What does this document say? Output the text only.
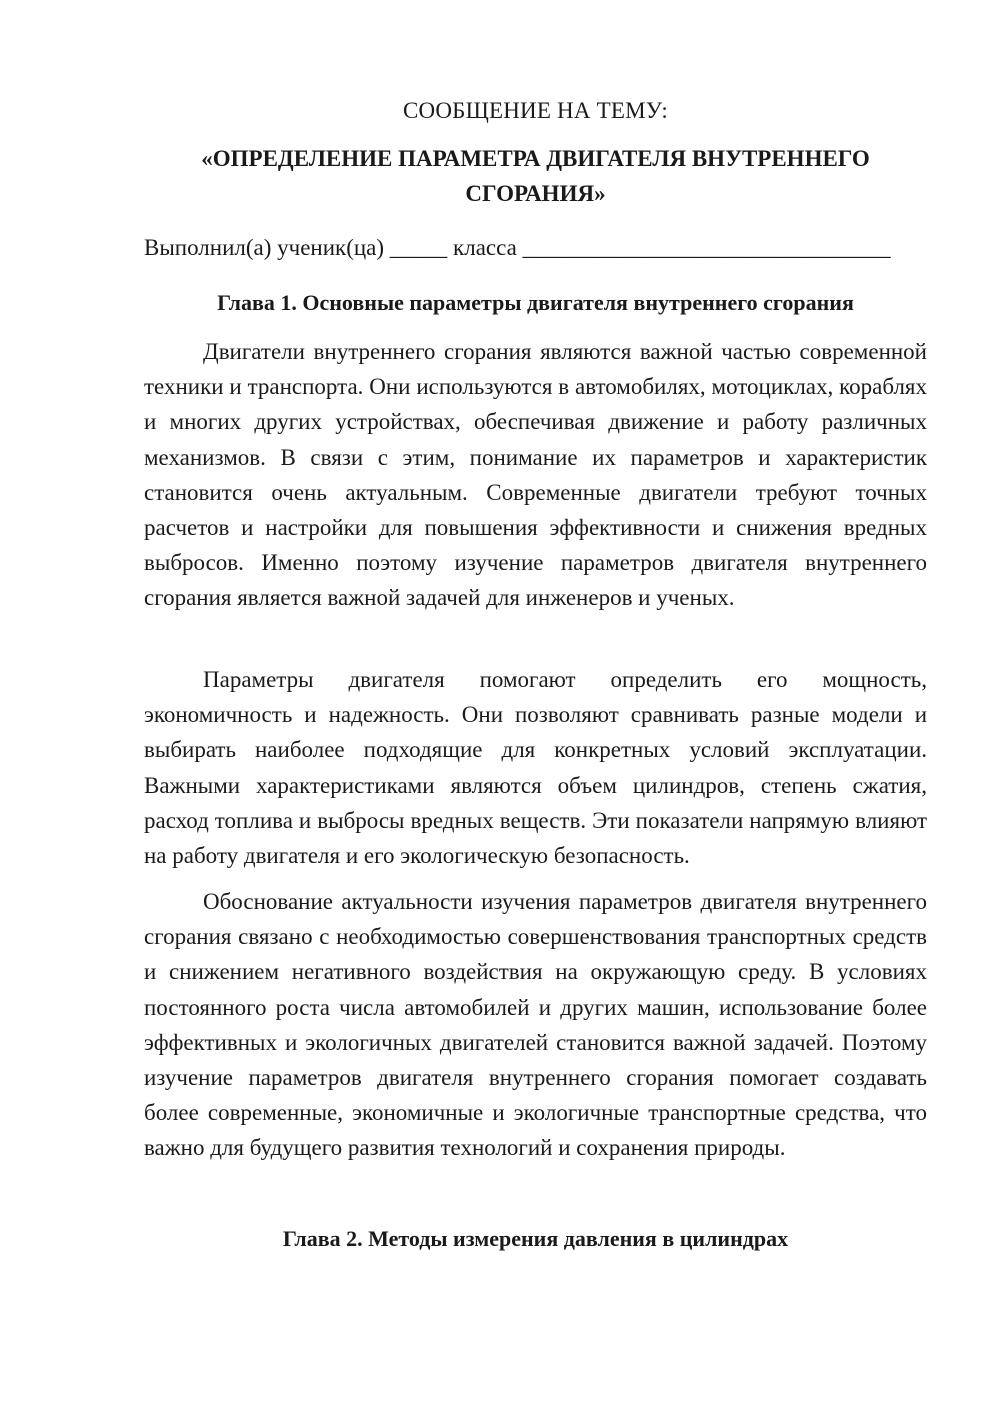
СООБЩЕНИЕ НА ТЕМУ:
«ОПРЕДЕЛЕНИЕ ПАРАМЕТРА ДВИГАТЕЛЯ ВНУТРЕННЕГО СГОРАНИЯ»
Выполнил(а) ученик(ца) _____ класса ________________________________
Глава 1. Основные параметры двигателя внутреннего сгорания

Двигатели внутреннего сгорания являются важной частью современной техники и транспорта. Они используются в автомобилях, мотоциклах, кораблях и многих других устройствах, обеспечивая движение и работу различных механизмов. В связи с этим, понимание их параметров и характеристик становится очень актуальным. Современные двигатели требуют точных расчетов и настройки для повышения эффективности и снижения вредных выбросов. Именно поэтому изучение параметров двигателя внутреннего сгорания является важной задачей для инженеров и ученых.

Параметры двигателя помогают определить его мощность, экономичность и надежность. Они позволяют сравнивать разные модели и выбирать наиболее подходящие для конкретных условий эксплуатации. Важными характеристиками являются объем цилиндров, степень сжатия, расход топлива и выбросы вредных веществ. Эти показатели напрямую влияют на работу двигателя и его экологическую безопасность.

Обоснование актуальности изучения параметров двигателя внутреннего сгорания связано с необходимостью совершенствования транспортных средств и снижением негативного воздействия на окружающую среду. В условиях постоянного роста числа автомобилей и других машин, использование более эффективных и экологичных двигателей становится важной задачей. Поэтому изучение параметров двигателя внутреннего сгорания помогает создавать более современные, экономичные и экологичные транспортные средства, что важно для будущего развития технологий и сохранения природы.

Глава 2. Методы измерения давления в цилиндрах
